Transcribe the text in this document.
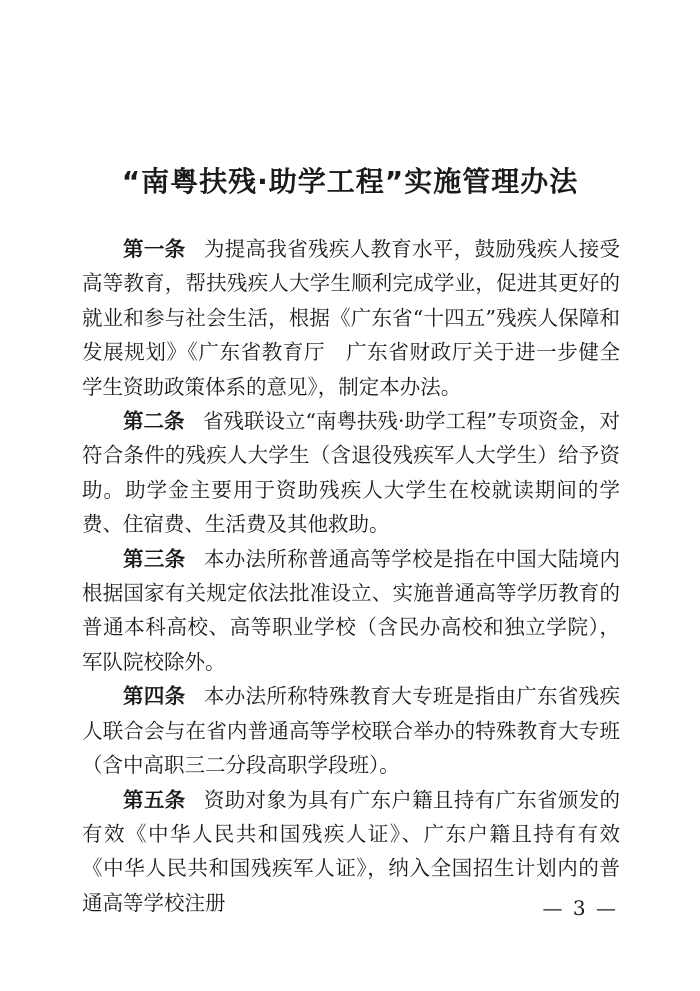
“南粤扶残·助学工程”实施管理办法

第一条 为提高我省残疾人教育水平，鼓励残疾人接受高等教育，帮扶残疾人大学生顺利完成学业，促进其更好的就业和参与社会生活，根据《广东省“十四五”残疾人保障和发展规划》《广东省教育厅　广东省财政厅关于进一步健全学生资助政策体系的意见》，制定本办法。

第二条 省残联设立“南粤扶残·助学工程”专项资金，对符合条件的残疾人大学生（含退役残疾军人大学生）给予资助。助学金主要用于资助残疾人大学生在校就读期间的学费、住宿费、生活费及其他救助。

第三条 本办法所称普通高等学校是指在中国大陆境内根据国家有关规定依法批准设立、实施普通高等学历教育的普通本科高校、高等职业学校（含民办高校和独立学院），军队院校除外。

第四条 本办法所称特殊教育大专班是指由广东省残疾人联合会与在省内普通高等学校联合举办的特殊教育大专班（含中高职三二分段高职学段班）。

第五条 资助对象为具有广东户籍且持有广东省颁发的有效《中华人民共和国残疾人证》、广东户籍且持有有效《中华人民共和国残疾军人证》，纳入全国招生计划内的普通高等学校注册	— 3 —
